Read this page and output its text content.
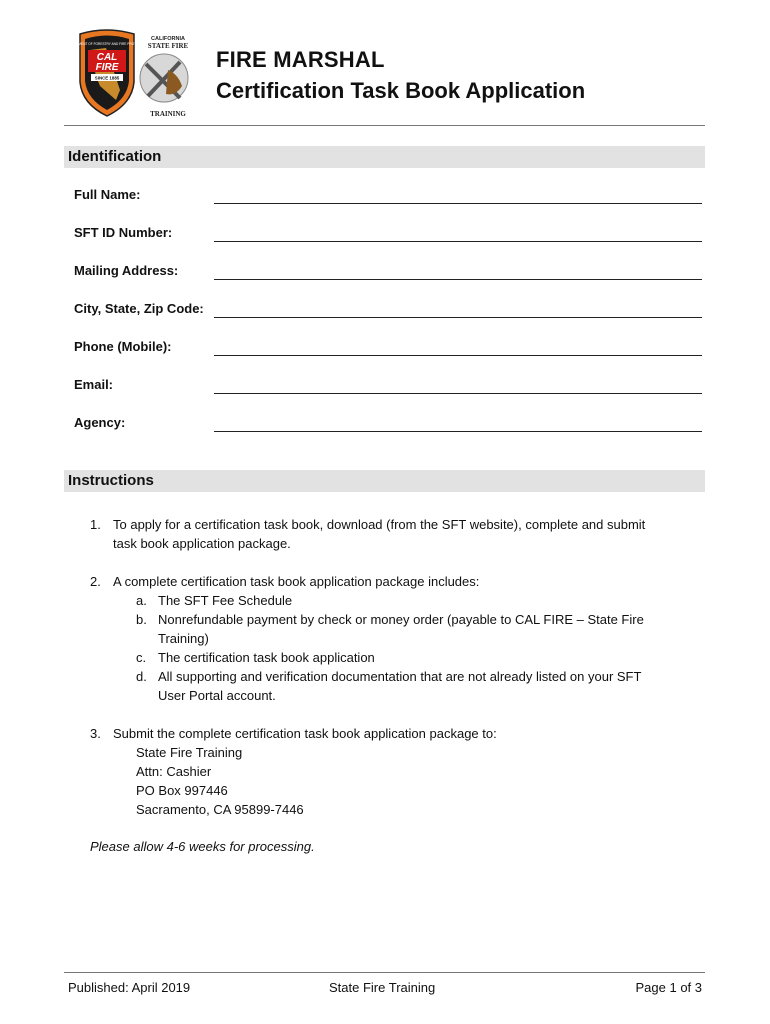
DEPARTMENT OF FORESTRY AND FIRE PROTECTION
CAL
FIRE
SINCE 1885
CALIFORNIA
STATE FIRE
TRAINING
FIRE MARSHAL
Certification Task Book Application
Identification
Full Name:
SFT ID Number:
Mailing Address:
City, State, Zip Code:
Phone (Mobile):
Email:
Agency:
Instructions
1. To apply for a certification task book, download (from the SFT website), complete and submit
task book application package.
2. A complete certification task book application package includes:
a. The SFT Fee Schedule
b. Nonrefundable payment by check or money order (payable to CAL FIRE – State Fire
Training)
c. The certification task book application
d. All supporting and verification documentation that are not already listed on your SFT
User Portal account.
3. Submit the complete certification task book application package to:
State Fire Training
Attn: Cashier
PO Box 997446
Sacramento, CA 95899-7446
Please allow 4-6 weeks for processing.
Published: April 2019	State Fire Training	Page 1 of 3
